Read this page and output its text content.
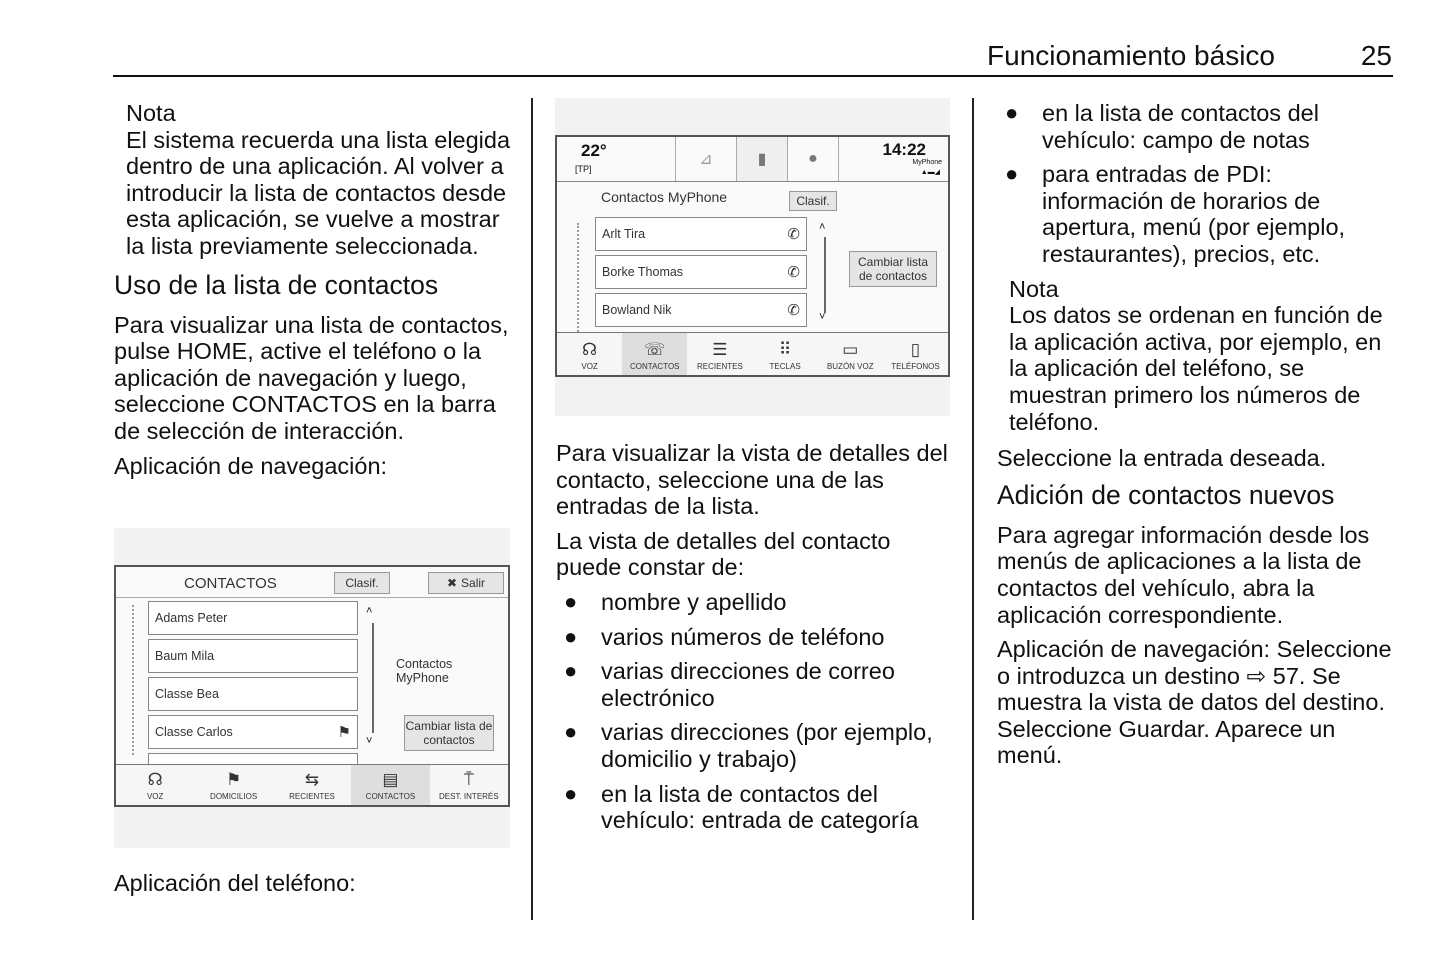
Funcionamiento básico	25
Nota
El sistema recuerda una lista elegida dentro de una aplicación. Al volver a introducir la lista de contactos desde esta aplicación, se vuelve a mostrar la lista previamente seleccionada.
Uso de la lista de contactos

Para visualizar una lista de contactos, pulse HOME, active el teléfono o la aplicación de navegación y luego, seleccione CONTACTOS en la barra de selección de interacción.

Aplicación de navegación:

Aplicación del teléfono:

CONTACTOS	Clasif.	✖ Salir
Adams Peter
Baum Mila
Classe Bea
Classe Carlos	⚑
˄
˅
Contactos MyPhone
Cambiar lista de contactos
☊
VOZ
⚑
DOMICILIOS
⇆
RECIENTES
▤
CONTACTOS
⍑
DEST. INTERÉS
22°
[TP]
⊿	▮	●	14:22
MyPhone
▲▬◢
Contactos MyPhone	Clasif.
Arlt Tira	✆
Borke Thomas	✆
Bowland Nik	✆
˄
˅
Cambiar lista de contactos
☊
VOZ
☏
CONTACTOS
☰
RECIENTES
⠿
TECLAS
▭
BUZÓN VOZ
▯
TELÉFONOS

Para visualizar la vista de detalles del contacto, seleccione una de las entradas de la lista.

La vista de detalles del contacto puede constar de:

● nombre y apellido
● varios números de teléfono
● varias direcciones de correo electrónico
● varias direcciones (por ejemplo, domicilio y trabajo)
● en la lista de contactos del vehículo: entrada de categoría
● en la lista de contactos del vehículo: campo de notas
● para entradas de PDI: información de horarios de apertura, menú (por ejemplo, restaurantes), precios, etc.
Nota
Los datos se ordenan en función de la aplicación activa, por ejemplo, en la aplicación del teléfono, se muestran primero los números de teléfono.

Seleccione la entrada deseada.

Adición de contactos nuevos

Para agregar información desde los menús de aplicaciones a la lista de contactos del vehículo, abra la aplicación correspondiente.

Aplicación de navegación: Seleccione o introduzca un destino ⇨ 57. Se muestra la vista de datos del destino. Seleccione Guardar. Aparece un menú.
